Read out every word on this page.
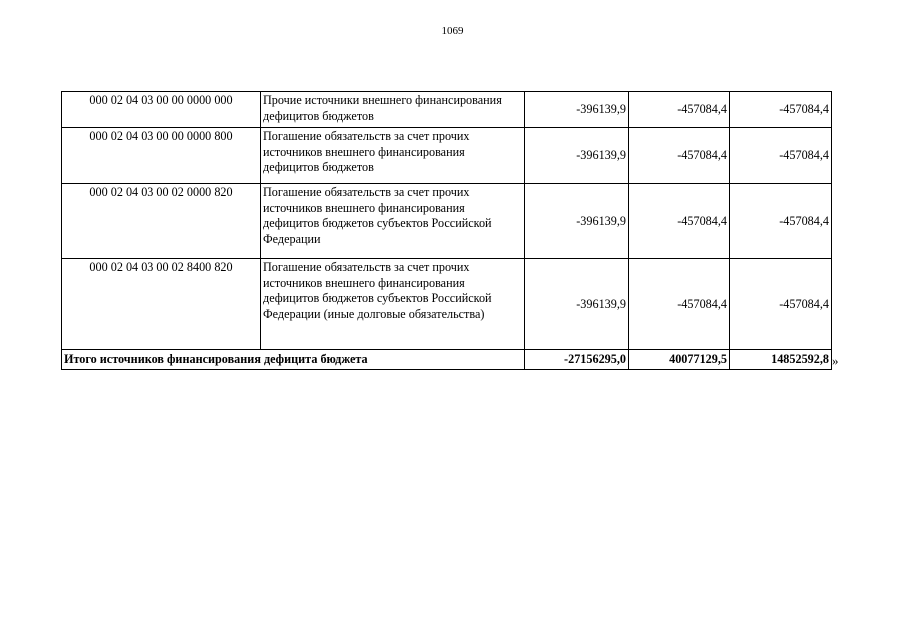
1069
000 02 04 03 00 00 0000 000	Прочие источники внешнего финансирования дефицитов бюджетов	-396139,9	-457084,4	-457084,4
000 02 04 03 00 00 0000 800	Погашение обязательств за счет прочих источников внешнего финансирования дефицитов бюджетов	-396139,9	-457084,4	-457084,4
000 02 04 03 00 02 0000 820	Погашение обязательств за счет прочих источников внешнего финансирования дефицитов бюджетов субъектов Российской Федерации	-396139,9	-457084,4	-457084,4
000 02 04 03 00 02 8400 820	Погашение обязательств за счет прочих источников внешнего финансирования дефицитов бюджетов субъектов Российской Федерации (иные долговые обязательства)	-396139,9	-457084,4	-457084,4
Итого источников финансирования дефицита бюджета		-27156295,0	40077129,5	14852592,8 »
